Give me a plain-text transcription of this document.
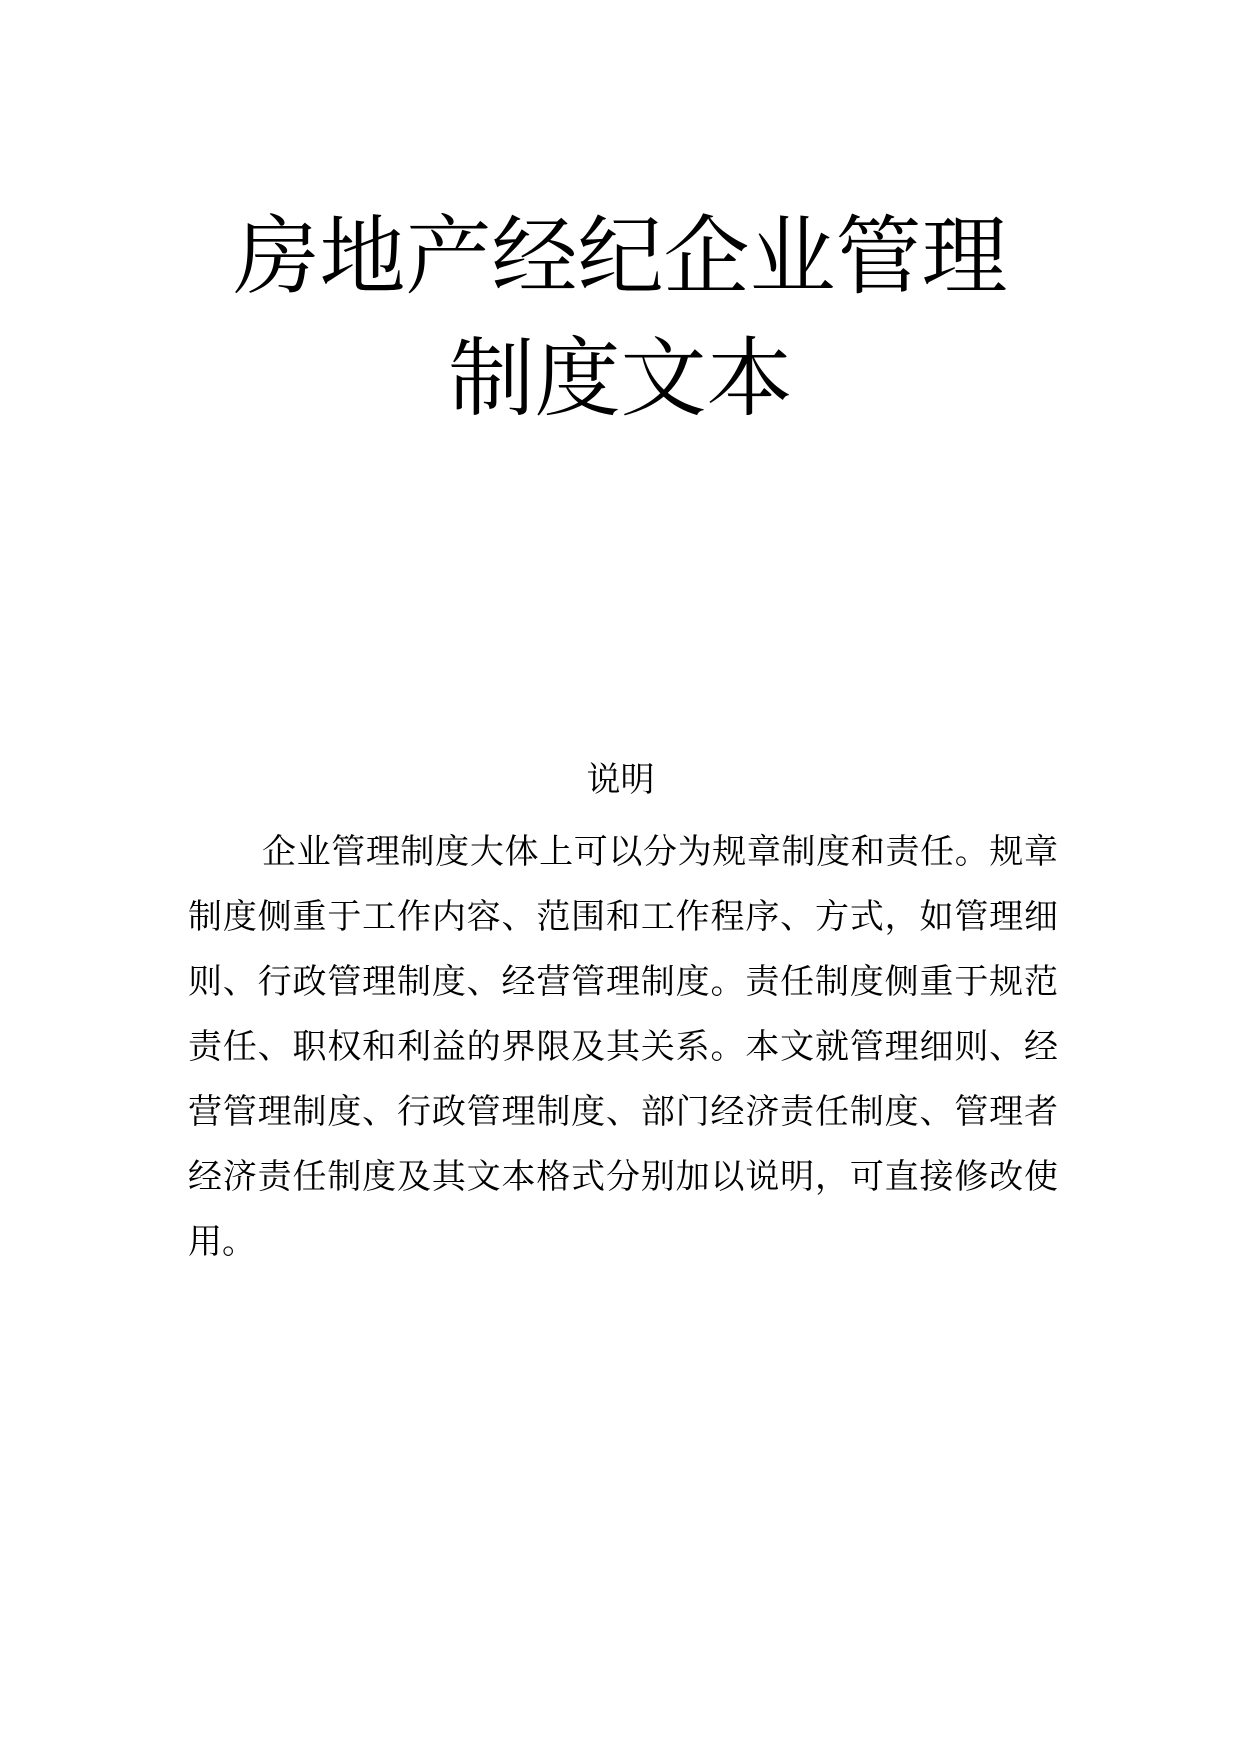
房地产经纪企业管理
制度文本
说明

企业管理制度大体上可以分为规章制度和责任。规章制度侧重于工作内容、范围和工作程序、方式，如管理细则、行政管理制度、经营管理制度。责任制度侧重于规范责任、职权和利益的界限及其关系。本文就管理细则、经营管理制度、行政管理制度、部门经济责任制度、管理者经济责任制度及其文本格式分别加以说明，可直接修改使用。
